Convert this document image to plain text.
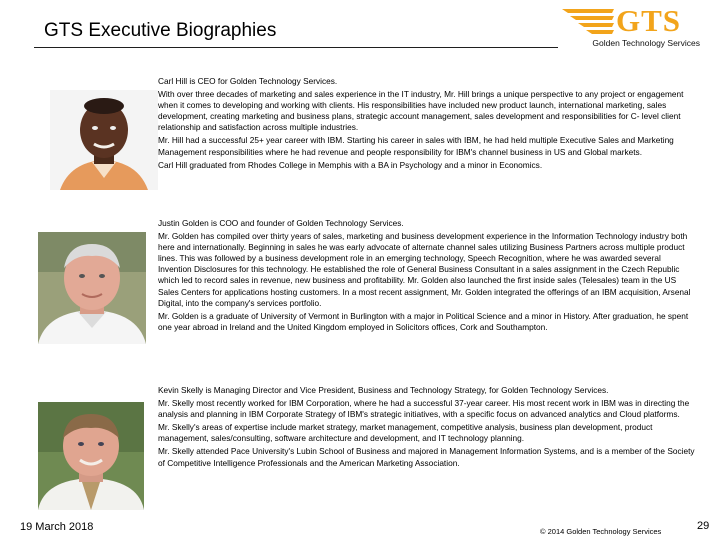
GTS Executive Biographies	GTS
Golden Technology Services

Carl Hill is CEO for Golden Technology Services.

With over three decades of marketing and sales experience in the IT industry, Mr. Hill brings a unique perspective to any project or engagement when it comes to developing and working with clients. His responsibilities have included new product launch, international marketing, sales development, creating marketing and business plans, strategic account management, sales development and responsibilities for C- level client relationship and satisfaction across multiple industries.

Mr. Hill had a successful 25+ year career with IBM. Starting his career in sales with IBM, he had held multiple Executive Sales and Marketing Management responsibilities where he had revenue and people responsibility for IBM's channel business in US and Global markets.

Carl Hill graduated from Rhodes College in Memphis with a BA in Psychology and a minor in Economics.

Justin Golden is COO and founder of Golden Technology Services.

Mr. Golden has compiled over thirty years of sales, marketing and business development experience in the Information Technology industry both here and internationally. Beginning in sales he was early advocate of alternate channel sales utilizing Business Partners across multiple product lines. This was followed by a business development role in an emerging technology, Speech Recognition, where he was awarded several Invention Disclosures for this technology. He established the role of General Business Consultant in a sales assignment in the Czech Republic which led to record sales in revenue, new business and profitability. Mr. Golden also launched the first inside sales (Telesales) team in the US Sales Centers for applications hosting customers. In a most recent assignment, Mr. Golden integrated the offerings of an IBM acquisition, Arsenal Digital, into the company's services portfolio.

Mr. Golden is a graduate of University of Vermont in Burlington with a major in Political Science and a minor in History. After graduation, he spent one year abroad in Ireland and the United Kingdom employed in Solicitors offices, Cork and Southampton.

Kevin Skelly is Managing Director and Vice President, Business and Technology Strategy, for Golden Technology Services.

Mr. Skelly most recently worked for IBM Corporation, where he had a successful 37-year career. His most recent work in IBM was in directing the analysis and planning in IBM Corporate Strategy of IBM's strategic initiatives, with a specific focus on advanced analytics and Cloud platforms.

Mr. Skelly's areas of expertise include market strategy, market management, competitive analysis, business plan development, product management, sales/consulting, software architecture and development, and IT technology planning.

Mr. Skelly attended Pace University's Lubin School of Business and majored in Management Information Systems, and is a member of the Society of Competitive Intelligence Professionals and the American Marketing Association.

19 March 2018	© 2014 Golden Technology Services	29
